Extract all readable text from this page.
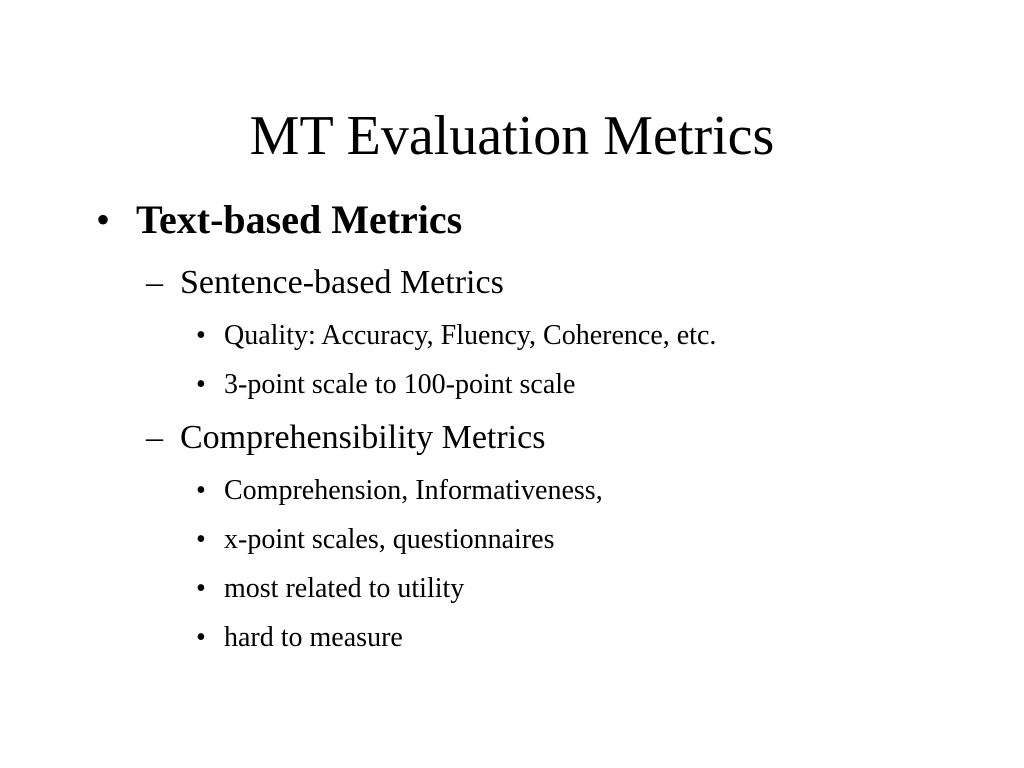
MT Evaluation Metrics
• Text-based Metrics
– Sentence-based Metrics
• Quality: Accuracy, Fluency, Coherence, etc.
• 3-point scale to 100-point scale
– Comprehensibility Metrics
• Comprehension, Informativeness,
• x-point scales, questionnaires
• most related to utility
• hard to measure
